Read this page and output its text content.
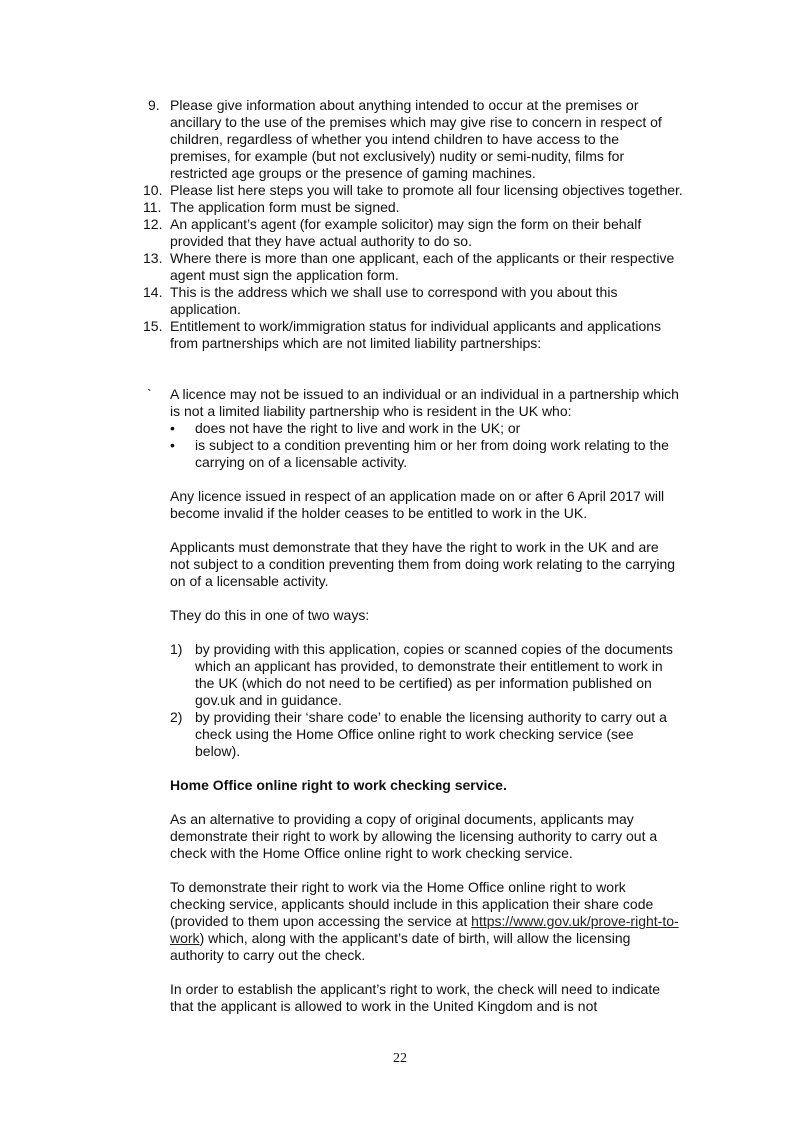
9. Please give information about anything intended to occur at the premises or ancillary to the use of the premises which may give rise to concern in respect of children, regardless of whether you intend children to have access to the premises, for example (but not exclusively) nudity or semi-nudity, films for restricted age groups or the presence of gaming machines.
10. Please list here steps you will take to promote all four licensing objectives together.
11. The application form must be signed.
12. An applicant’s agent (for example solicitor) may sign the form on their behalf provided that they have actual authority to do so.
13. Where there is more than one applicant, each of the applicants or their respective agent must sign the application form.
14. This is the address which we shall use to correspond with you about this application.
15. Entitlement to work/immigration status for individual applicants and applications from partnerships which are not limited liability partnerships:
`	A licence may not be issued to an individual or an individual in a partnership which is not a limited liability partnership who is resident in the UK who:

•	does not have the right to live and work in the UK; or
•	is subject to a condition preventing him or her from doing work relating to the carrying on of a licensable activity.

Any licence issued in respect of an application made on or after 6 April 2017 will become invalid if the holder ceases to be entitled to work in the UK.

Applicants must demonstrate that they have the right to work in the UK and are not subject to a condition preventing them from doing work relating to the carrying on of a licensable activity.

They do this in one of two ways:

1) by providing with this application, copies or scanned copies of the documents which an applicant has provided, to demonstrate their entitlement to work in the UK (which do not need to be certified) as per information published on gov.uk and in guidance.
2) by providing their ‘share code’ to enable the licensing authority to carry out a check using the Home Office online right to work checking service (see below).

Home Office online right to work checking service.

As an alternative to providing a copy of original documents, applicants may demonstrate their right to work by allowing the licensing authority to carry out a check with the Home Office online right to work checking service.

To demonstrate their right to work via the Home Office online right to work checking service, applicants should include in this application their share code (provided to them upon accessing the service at https://www.gov.uk/prove-right-to-work) which, along with the applicant’s date of birth, will allow the licensing authority to carry out the check.

In order to establish the applicant’s right to work, the check will need to indicate that the applicant is allowed to work in the United Kingdom and is not

22
